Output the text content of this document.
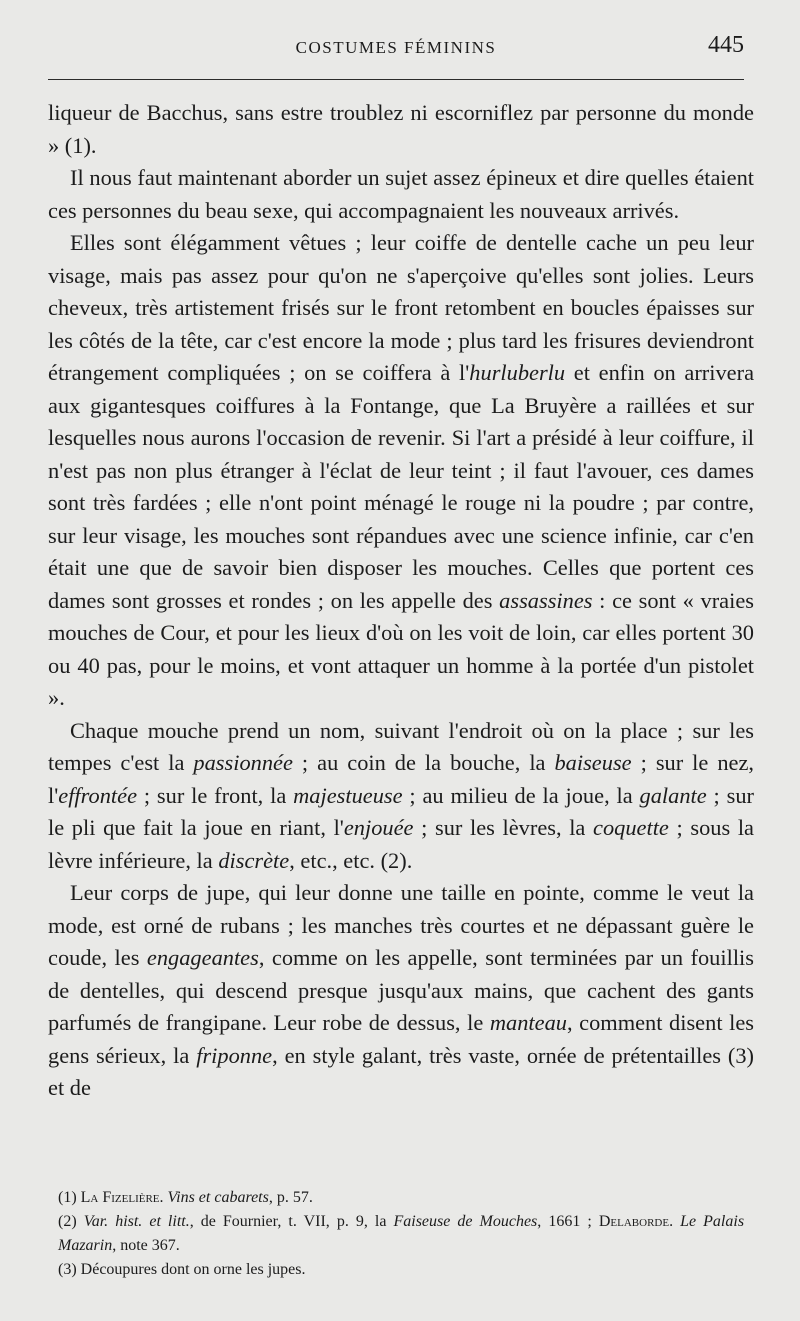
COSTUMES FÉMININS	445

liqueur de Bacchus, sans estre troublez ni escorniflez par personne du monde » (1).

Il nous faut maintenant aborder un sujet assez épineux et dire quelles étaient ces personnes du beau sexe, qui accompagnaient les nouveaux arrivés.

Elles sont élégamment vêtues ; leur coiffe de dentelle cache un peu leur visage, mais pas assez pour qu'on ne s'aperçoive qu'elles sont jolies. Leurs cheveux, très artistement frisés sur le front retombent en boucles épaisses sur les côtés de la tête, car c'est encore la mode ; plus tard les frisures deviendront étrangement compliquées ; on se coiffera à l'hurluberlu et enfin on arrivera aux gigantesques coiffures à la Fontange, que La Bruyère a raillées et sur lesquelles nous aurons l'occasion de revenir. Si l'art a présidé à leur coiffure, il n'est pas non plus étranger à l'éclat de leur teint ; il faut l'avouer, ces dames sont très fardées ; elle n'ont point ménagé le rouge ni la poudre ; par contre, sur leur visage, les mouches sont répandues avec une science infinie, car c'en était une que de savoir bien disposer les mouches. Celles que portent ces dames sont grosses et rondes ; on les appelle des assassines : ce sont « vraies mouches de Cour, et pour les lieux d'où on les voit de loin, car elles portent 30 ou 40 pas, pour le moins, et vont attaquer un homme à la portée d'un pistolet ».

Chaque mouche prend un nom, suivant l'endroit où on la place ; sur les tempes c'est la passionnée ; au coin de la bouche, la baiseuse ; sur le nez, l'effrontée ; sur le front, la majestueuse ; au milieu de la joue, la galante ; sur le pli que fait la joue en riant, l'enjouée ; sur les lèvres, la coquette ; sous la lèvre inférieure, la discrète, etc., etc. (2).

Leur corps de jupe, qui leur donne une taille en pointe, comme le veut la mode, est orné de rubans ; les manches très courtes et ne dépassant guère le coude, les engageantes, comme on les appelle, sont terminées par un fouillis de dentelles, qui descend presque jusqu'aux mains, que cachent des gants parfumés de frangipane. Leur robe de dessus, le manteau, comment disent les gens sérieux, la friponne, en style galant, très vaste, ornée de prétentailles (3) et de

(1) La Fizelière. Vins et cabarets, p. 57.

(2) Var. hist. et litt., de Fournier, t. VII, p. 9, la Faiseuse de Mouches, 1661 ; Delaborde. Le Palais Mazarin, note 367.

(3) Découpures dont on orne les jupes.
